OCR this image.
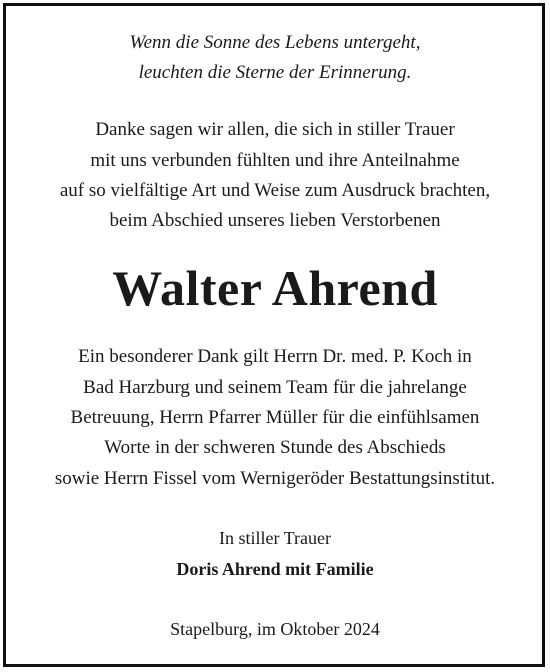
Wenn die Sonne des Lebens untergeht,
leuchten die Sterne der Erinnerung.
Danke sagen wir allen, die sich in stiller Trauer
mit uns verbunden fühlten und ihre Anteilnahme
auf so vielfältige Art und Weise zum Ausdruck brachten,
beim Abschied unseres lieben Verstorbenen
Walter Ahrend
Ein besonderer Dank gilt Herrn Dr. med. P. Koch in
Bad Harzburg und seinem Team für die jahrelange
Betreuung, Herrn Pfarrer Müller für die einfühlsamen
Worte in der schweren Stunde des Abschieds
sowie Herrn Fissel vom Wernigeröder Bestattungsinstitut.
In stiller Trauer
Doris Ahrend mit Familie
Stapelburg, im Oktober 2024
